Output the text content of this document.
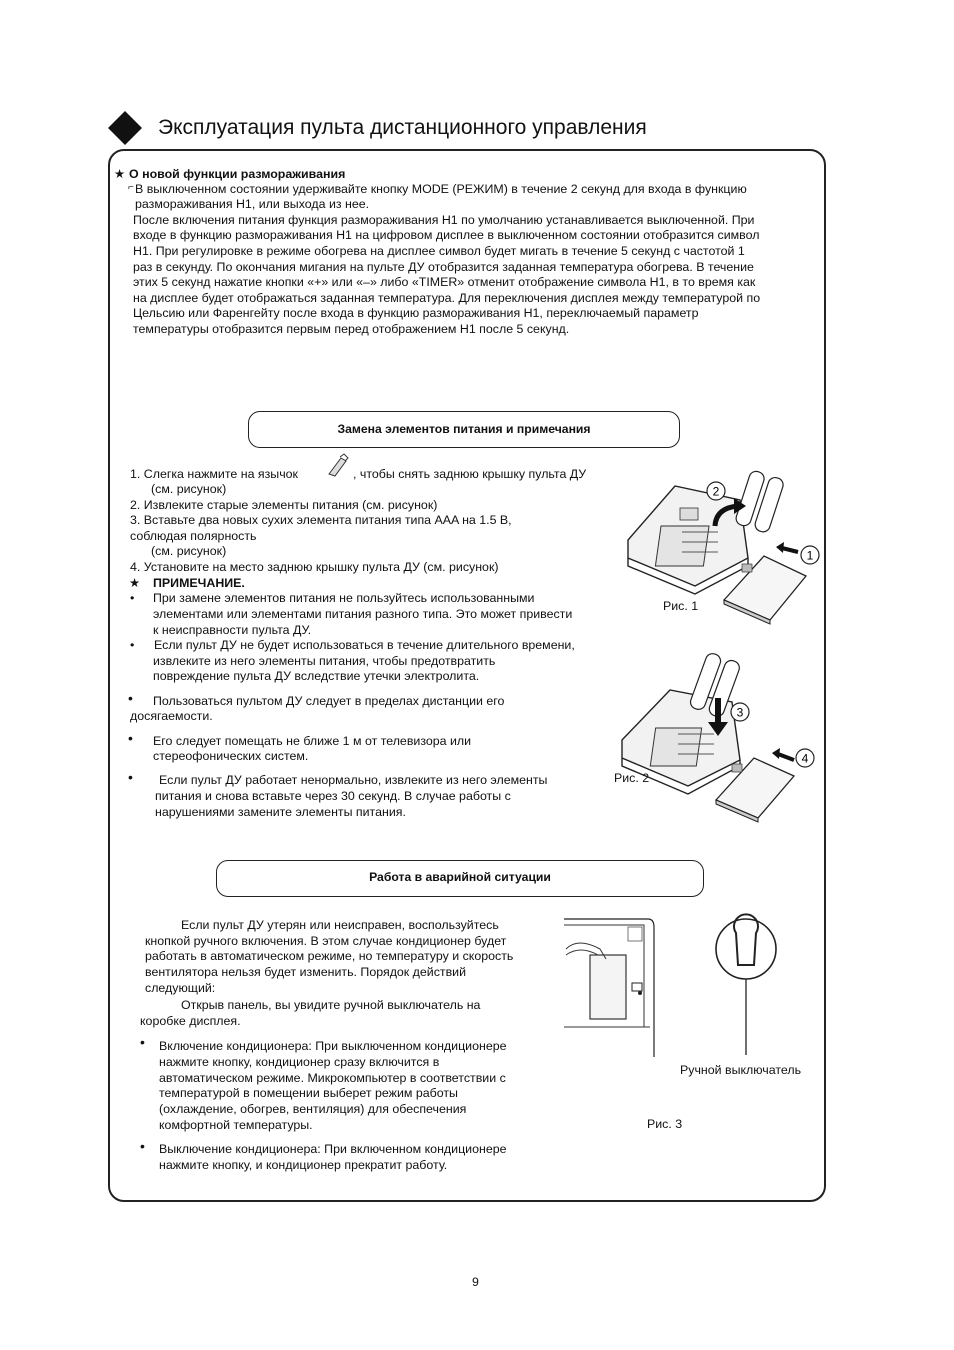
Эксплуатация пульта дистанционного управления
★ О новой функции размораживания
⌐ В выключенном состоянии удерживайте кнопку MODE (РЕЖИМ) в течение 2 секунд для входа в функцию
размораживания H1, или выхода из нее.
После включения питания функция размораживания H1 по умолчанию устанавливается выключенной. При
входе в функцию размораживания H1 на цифровом дисплее в выключенном состоянии отобразится символ
H1. При регулировке в режиме обогрева на дисплее символ будет мигать в течение 5 секунд с частотой 1
раз в секунду. По окончания мигания на пульте ДУ отобразится заданная температура обогрева. В течение
этих 5 секунд нажатие кнопки «+» или «–» либо «TIMER» отменит отображение символа H1, в то время как
на дисплее будет отображаться заданная температура. Для переключения дисплея между температурой по
Цельсию или Фаренгейту после входа в функцию размораживания H1, переключаемый параметр
температуры отобразится первым перед отображением H1 после 5 секунд.
Замена элементов питания и примечания
1. Слегка нажмите на язычок	, чтобы снять заднюю крышку пульта ДУ
(см. рисунок)
2. Извлеките старые элементы питания (см. рисунок)
3. Вставьте два новых сухих элемента питания типа AAA на 1.5 В,
соблюдая полярность
(см. рисунок)
4. Установите на место заднюю крышку пульта ДУ (см. рисунок)
★ ПРИМЕЧАНИЕ.
• При замене элементов питания не пользуйтесь использованными
элементами или элементами питания разного типа. Это может привести
к неисправности пульта ДУ.
• Если пульт ДУ не будет использоваться в течение длительного времени,
извлеките из него элементы питания, чтобы предотвратить
повреждение пульта ДУ вследствие утечки электролита.
• Пользоваться пультом ДУ следует в пределах дистанции его
досягаемости.
• Его следует помещать не ближе 1 м от телевизора или
стереофонических систем.
• Если пульт ДУ работает ненормально, извлеките из него элементы
питания и снова вставьте через 30 секунд. В случае работы с
нарушениями замените элементы питания.
2
1
Рис. 1
3
4
Рис. 2
Работа в аварийной ситуации
Если пульт ДУ утерян или неисправен, воспользуйтесь
кнопкой ручного включения. В этом случае кондиционер будет
работать в автоматическом режиме, но температуру и скорость
вентилятора нельзя будет изменить. Порядок действий
следующий:
Открыв панель, вы увидите ручной выключатель на
коробке дисплея.
• Включение кондиционера: При выключенном кондиционере
нажмите кнопку, кондиционер сразу включится в
автоматическом режиме. Микрокомпьютер в соответствии с
температурой в помещении выберет режим работы
(охлаждение, обогрев, вентиляция) для обеспечения
комфортной температуры.
• Выключение кондиционера: При включенном кондиционере
нажмите кнопку, и кондиционер прекратит работу.
Ручной выключатель
Рис. 3
9
